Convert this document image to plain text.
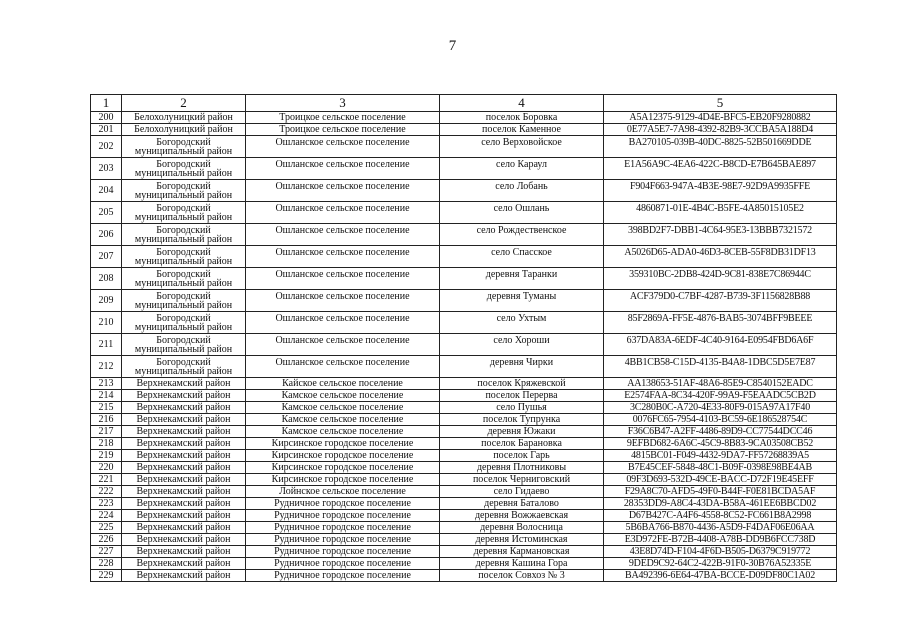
7
1	2	3	4	5
200	Белохолуницкий район	Троицкое сельское поселение	поселок Боровка	A5A12375-9129-4D4E-BFC5-EB20F9280882
201	Белохолуницкий район	Троицкое сельское поселение	поселок Каменное	0E77A5E7-7A98-4392-82B9-3CCBA5A188D4
202	Богородский муниципальный район	Ошланское сельское поселение	село Верховойское	BA270105-039B-40DC-8825-52B501669DDE
203	Богородский муниципальный район	Ошланское сельское поселение	село Караул	E1A56A9C-4EA6-422C-B8CD-E7B645BAE897
204	Богородский муниципальный район	Ошланское сельское поселение	село Лобань	F904F663-947A-4B3E-98E7-92D9A9935FFE
205	Богородский муниципальный район	Ошланское сельское поселение	село Ошлань	4860871-01E-4B4C-B5FE-4A85015105E2
206	Богородский муниципальный район	Ошланское сельское поселение	село Рождественское	398BD2F7-DBB1-4C64-95E3-13BBB7321572
207	Богородский муниципальный район	Ошланское сельское поселение	село Спасское	A5026D65-ADA0-46D3-8CEB-55F8DB31DF13
208	Богородский муниципальный район	Ошланское сельское поселение	деревня Таранки	359310BC-2DB8-424D-9C81-838E7C86944C
209	Богородский муниципальный район	Ошланское сельское поселение	деревня Туманы	ACF379D0-C7BF-4287-B739-3F1156828B88
210	Богородский муниципальный район	Ошланское сельское поселение	село Ухтым	85F2869A-FF5E-4876-BAB5-3074BFF9BEEE
211	Богородский муниципальный район	Ошланское сельское поселение	село Хороши	637DA83A-6EDF-4C40-9164-E0954FBD6A6F
212	Богородский муниципальный район	Ошланское сельское поселение	деревня Чирки	4BB1CB58-C15D-4135-B4A8-1DBC5D5E7E87
213	Верхнекамский район	Кайское сельское поселение	поселок Кряжевской	AA138653-51AF-48A6-85E9-C8540152EADC
214	Верхнекамский район	Камское сельское поселение	поселок Перерва	E2574FAA-8C34-420F-99A9-F5EAADC5CB2D
215	Верхнекамский район	Камское сельское поселение	село Пушья	3C280B0C-A720-4E33-80F9-015A97A17F40
216	Верхнекамский район	Камское сельское поселение	поселок Тупрунка	0076FC65-7954-4103-BC59-6E186528754C
217	Верхнекамский район	Камское сельское поселение	деревня Южаки	F36C6B47-A2FF-4486-89D9-CC77544DCC46
218	Верхнекамский район	Кирсинское городское поселение	поселок Барановка	9EFBD682-6A6C-45C9-8B83-9CA03508CB52
219	Верхнекамский район	Кирсинское городское поселение	поселок Гарь	4815BC01-F049-4432-9DA7-FF57268839A5
220	Верхнекамский район	Кирсинское городское поселение	деревня Плотниковы	B7E45CEF-5848-48C1-B09F-0398E98BE4AB
221	Верхнекамский район	Кирсинское городское поселение	поселок Черниговский	09F3D693-532D-49CE-BACC-D72F19E45EFF
222	Верхнекамский район	Лойнское сельское поселение	село Гидаево	F29A8C70-AFD5-49F0-B44F-F0E81BCDA5AF
223	Верхнекамский район	Рудничное городское поселение	деревня Баталово	28353DD9-A8C4-43DA-B58A-461EE6BBCD02
224	Верхнекамский район	Рудничное городское поселение	деревня Вожжаевская	D67B427C-A4F6-4558-8C52-FC661B8A2998
225	Верхнекамский район	Рудничное городское поселение	деревня Волосница	5B6BA766-B870-4436-A5D9-F4DAF06E06AA
226	Верхнекамский район	Рудничное городское поселение	деревня Истоминская	E3D972FE-B72B-4408-A78B-DD9B6FCC738D
227	Верхнекамский район	Рудничное городское поселение	деревня Кармановская	43E8D74D-F104-4F6D-B505-D6379C919772
228	Верхнекамский район	Рудничное городское поселение	деревня Кашина Гора	9DED9C92-64C2-422B-91F0-30B76A52335E
229	Верхнекамский район	Рудничное городское поселение	поселок Совхоз № 3	BA492396-6E64-47BA-BCCE-D09DF80C1A02
